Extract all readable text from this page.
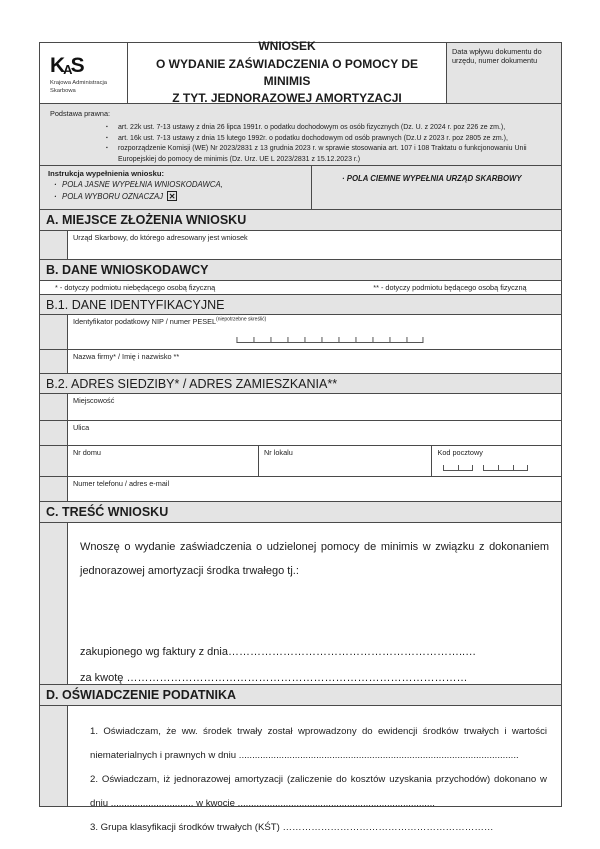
KAS
Krajowa Administracja
Skarbowa
WNIOSEK
O WYDANIE ZAŚWIADCZENIA O POMOCY DE MINIMIS
Z TYT. JEDNORAZOWEJ AMORTYZACJI
Data wpływu dokumentu do urzędu, numer dokumentu
Podstawa prawna:
▪ art. 22k ust. 7-13 ustawy z dnia 26 lipca 1991r. o podatku dochodowym os osób fizycznych (Dz. U. z 2024 r. poz 226 ze zm.),
▪ art. 16k ust. 7-13 ustawy z dnia 15 lutego 1992r. o podatku dochodowym od osób prawnych (Dz.U z 2023 r. poz 2805 ze zm.),
▪ rozporządzenie Komisji (WE) Nr 2023/2831 z 13 grudnia 2023 r. w sprawie stosowania art. 107 i 108 Traktatu o funkcjonowaniu Unii Europejskiej do pomocy de minimis (Dz. Urz. UE L 2023/2831 z 15.12.2023 r.)
Instrukcja wypełnienia wniosku:
· POLA JASNE WYPEŁNIA WNIOSKODAWCA,
· POLA WYBORU OZNACZAJ ✕
· POLA CIEMNE WYPEŁNIA URZĄD SKARBOWY
A. MIEJSCE ZŁOŻENIA WNIOSKU
Urząd Skarbowy, do którego adresowany jest wniosek
B. DANE WNIOSKODAWCY
* - dotyczy podmiotu niebędącego osobą fizyczną	** - dotyczy podmiotu będącego osobą fizyczną
B.1. DANE IDENTYFIKACYJNE
Identyfikator podatkowy NIP / numer $PESEL^{(niepotrzebne skreślić)}$
Nazwa firmy* / Imię i nazwisko **
B.2. ADRES SIEDZIBY* / ADRES ZAMIESZKANIA**
Miejscowość
Ulica
Nr domu	Nr lokalu	Kod pocztowy
Numer telefonu / adres e-mail
C. TREŚĆ WNIOSKU

Wnoszę o wydanie zaświadczenia o udzielonej pomocy de minimis w związku z dokonaniem jednorazowej amortyzacji środka trwałego tj.:

zakupionego wg faktury z dnia………………………………………………………..…
za kwotę …………………………………………………………………………………
D. OŚWIADCZENIE PODATNIKA

1. Oświadczam, że ww. środek trwały został wprowadzony do ewidencji środków trwałych i wartości niematerialnych i prawnych w dniu .........................................................................................................

2. Oświadczam, iż jednorazowej amortyzacji (zaliczenie do kosztów uzyskania przychodów) dokonano w dniu ............................... w kwocie ..........................................................................

3. Grupa klasyfikacji środków trwałych (KŚT) …………………………………………………………
